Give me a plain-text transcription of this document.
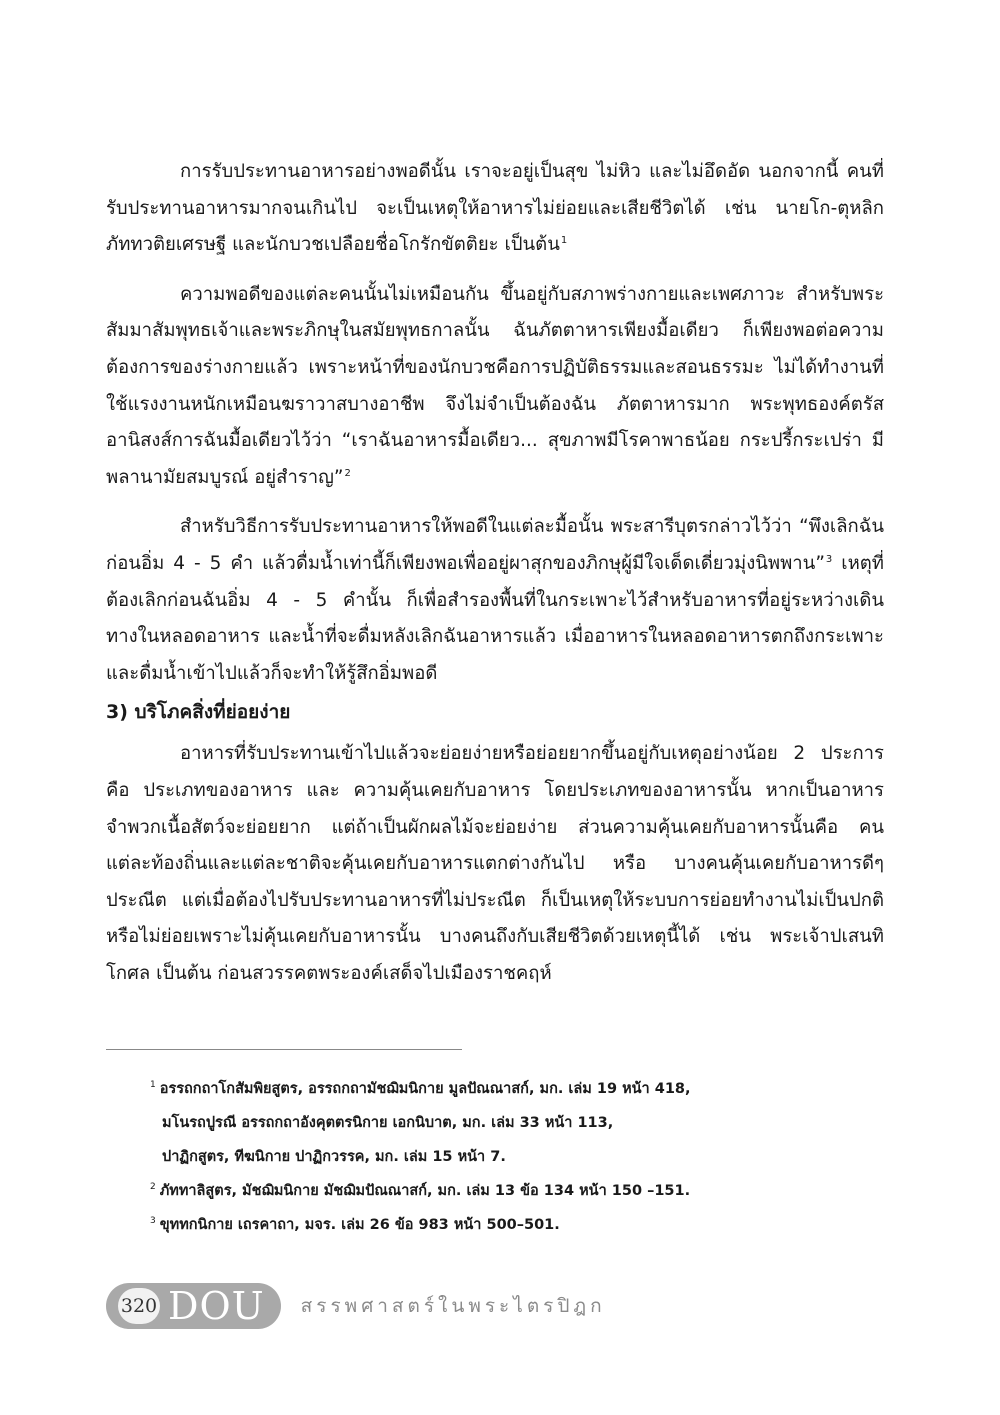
การรับประทานอาหารอย่างพอดีนั้น เราจะอยู่เป็นสุข ไม่หิว และไม่อึดอัด นอกจากนี้ คนที่รับประทานอาหารมากจนเกินไป จะเป็นเหตุให้อาหารไม่ย่อยและเสียชีวิตได้ เช่น นายโก-ตุหลิก ภัททวติยเศรษฐี และนักบวชเปลือยชื่อโกรักขัตติยะ เป็นต้น$^1$

ความพอดีของแต่ละคนนั้นไม่เหมือนกัน ขึ้นอยู่กับสภาพร่างกายและเพศภาวะ สำหรับพระสัมมาสัมพุทธเจ้าและพระภิกษุในสมัยพุทธกาลนั้น ฉันภัตตาหารเพียงมื้อเดียว ก็เพียงพอต่อความต้องการของร่างกายแล้ว เพราะหน้าที่ของนักบวชคือการปฏิบัติธรรมและสอนธรรมะ ไม่ได้ทำงานที่ใช้แรงงานหนักเหมือนฆราวาสบางอาชีพ จึงไม่จำเป็นต้องฉัน ภัตตาหารมาก พระพุทธองค์ตรัสอานิสงส์การฉันมื้อเดียวไว้ว่า “เราฉันอาหารมื้อเดียว... สุขภาพมีโรคาพาธน้อย กระปรี้กระเปร่า มีพลานามัยสมบูรณ์ อยู่สำราญ”$^2$

สำหรับวิธีการรับประทานอาหารให้พอดีในแต่ละมื้อนั้น พระสารีบุตรกล่าวไว้ว่า “พึงเลิกฉันก่อนอิ่ม 4 - 5 คำ แล้วดื่มน้ำเท่านี้ก็เพียงพอเพื่ออยู่ผาสุกของภิกษุผู้มีใจเด็ดเดี่ยวมุ่งนิพพาน”$^3$ เหตุที่ต้องเลิกก่อนฉันอิ่ม 4 - 5 คำนั้น ก็เพื่อสำรองพื้นที่ในกระเพาะไว้สำหรับอาหารที่อยู่ระหว่างเดินทางในหลอดอาหาร และน้ำที่จะดื่มหลังเลิกฉันอาหารแล้ว เมื่ออาหารในหลอดอาหารตกถึงกระเพาะ และดื่มน้ำเข้าไปแล้วก็จะทำให้รู้สึกอิ่มพอดี

3) บริโภคสิ่งที่ย่อยง่าย

อาหารที่รับประทานเข้าไปแล้วจะย่อยง่ายหรือย่อยยากขึ้นอยู่กับเหตุอย่างน้อย 2 ประการ คือ ประเภทของอาหาร และ ความคุ้นเคยกับอาหาร โดยประเภทของอาหารนั้น หากเป็นอาหารจำพวกเนื้อสัตว์จะย่อยยาก แต่ถ้าเป็นผักผลไม้จะย่อยง่าย ส่วนความคุ้นเคยกับอาหารนั้นคือ คนแต่ละท้องถิ่นและแต่ละชาติจะคุ้นเคยกับอาหารแตกต่างกันไป หรือ บางคนคุ้นเคยกับอาหารดีๆ ประณีต แต่เมื่อต้องไปรับประทานอาหารที่ไม่ประณีต ก็เป็นเหตุให้ระบบการย่อยทำงานไม่เป็นปกติหรือไม่ย่อยเพราะไม่คุ้นเคยกับอาหารนั้น บางคนถึงกับเสียชีวิตด้วยเหตุนี้ได้ เช่น พระเจ้าปเสนทิโกศล เป็นต้น ก่อนสวรรคตพระองค์เสด็จไปเมืองราชคฤห์

$^1$ อรรถกถาโกสัมพิยสูตร, อรรถกถามัชฌิมนิกาย มูลปัณณาสก์, มก. เล่ม 19 หน้า 418,
มโนรถปูรณี อรรถกถาอังคุตตรนิกาย เอกนิบาต, มก. เล่ม 33 หน้า 113,
ปาฏิกสูตร, ทีฆนิกาย ปาฏิกวรรค, มก. เล่ม 15 หน้า 7.
$^2$ ภัททาลิสูตร, มัชฌิมนิกาย มัชฌิมปัณณาสก์, มก. เล่ม 13 ข้อ 134 หน้า 150 –151.
$^3$ ขุททกนิกาย เถรคาถา, มจร. เล่ม 26 ข้อ 983 หน้า 500–501.
320 DOU สรรพศาสตร์ในพระไตรปิฎก
